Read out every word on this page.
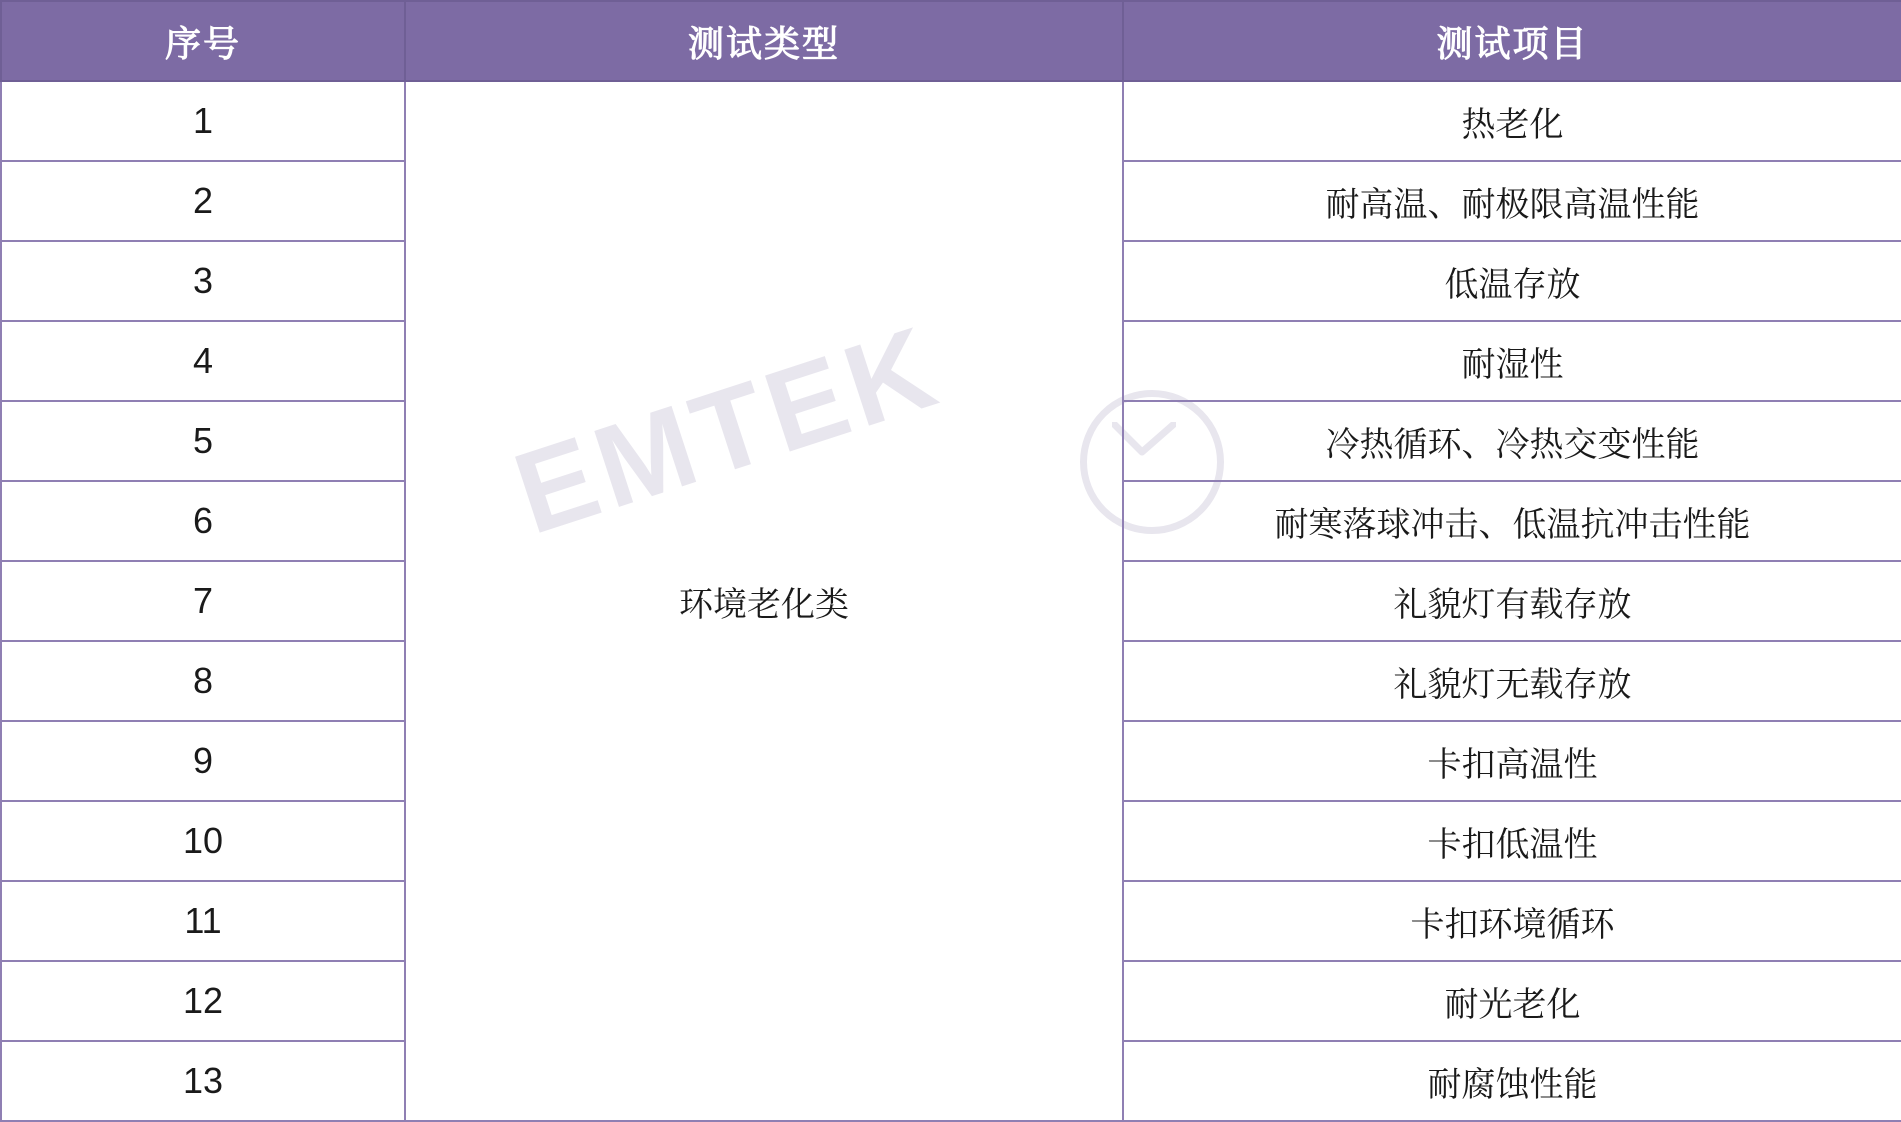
EMTEK
序号	测试类型	测试项目
1	环境老化类	热老化
2		耐高温、耐极限高温性能
3		低温存放
4		耐湿性
5		冷热循环、冷热交变性能
6		耐寒落球冲击、低温抗冲击性能
7		礼貌灯有载存放
8		礼貌灯无载存放
9		卡扣高温性
10		卡扣低温性
11		卡扣环境循环
12		耐光老化
13		耐腐蚀性能
